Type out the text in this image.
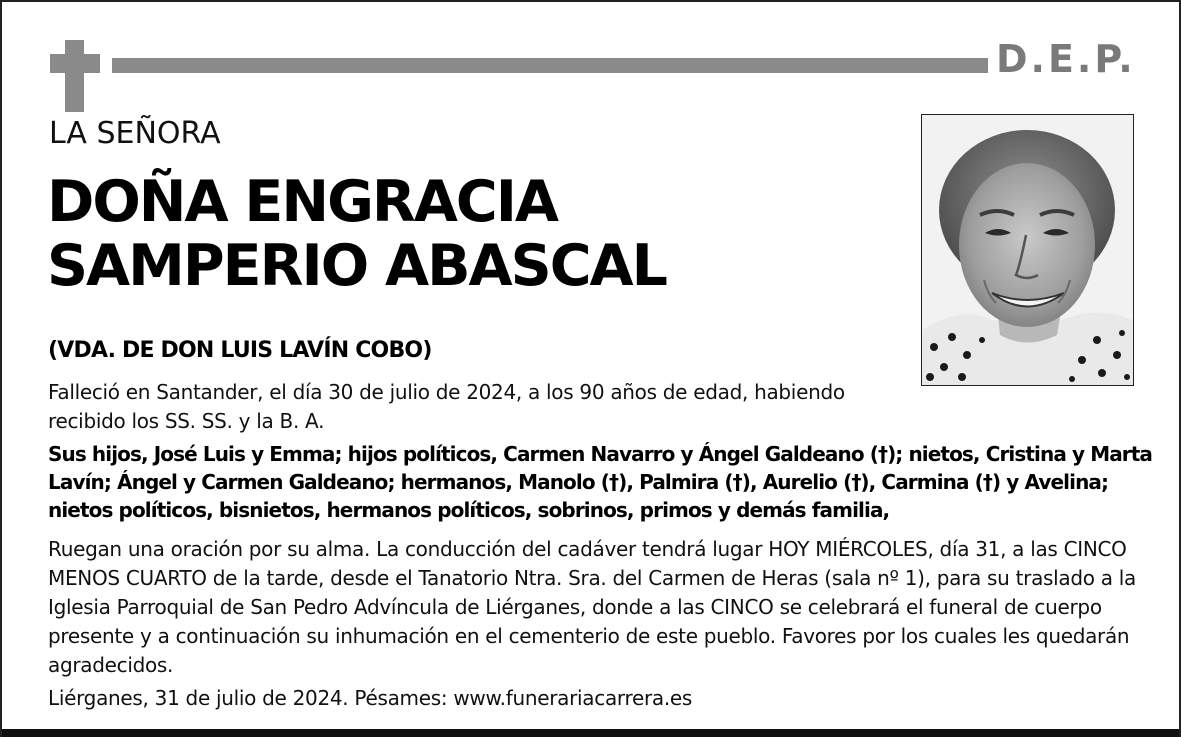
D.E.P.
LA SEÑORA
DOÑA ENGRACIA
SAMPERIO ABASCAL
(VDA. DE DON LUIS LAVÍN COBO)
Falleció en Santander, el día 30 de julio de 2024, a los 90 años de edad, habiendo recibido los SS. SS. y la B. A.
Sus hijos, José Luis y Emma; hijos políticos, Carmen Navarro y Ángel Galdeano (†); nietos, Cristina y Marta Lavín; Ángel y Carmen Galdeano; hermanos, Manolo (†), Palmira (†), Aurelio (†), Carmina (†) y Avelina; nietos políticos, bisnietos, hermanos políticos, sobrinos, primos y demás familia,
Ruegan una oración por su alma. La conducción del cadáver tendrá lugar HOY MIÉRCOLES, día 31, a las CINCO MENOS CUARTO de la tarde, desde el Tanatorio Ntra. Sra. del Carmen de Heras (sala nº 1), para su traslado a la Iglesia Parroquial de San Pedro Advíncula de Liérganes, donde a las CINCO se celebrará el funeral de cuerpo presente y a continuación su inhumación en el cementerio de este pueblo. Favores por los cuales les quedarán agradecidos.
Liérganes, 31 de julio de 2024. Pésames: www.funerariacarrera.es
